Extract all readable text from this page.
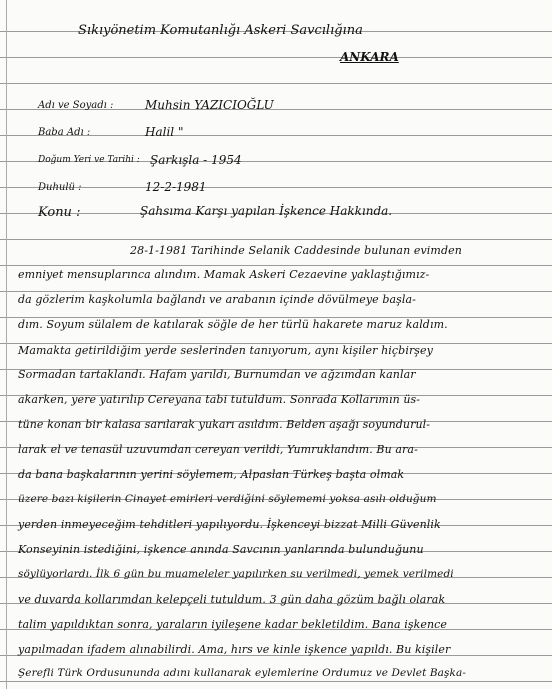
Sıkıyönetim Komutanlığı Askeri Savcılığına
ANKARA
Adı ve Soyadı :	Muhsin YAZICIOĞLU
Baba Adı :	Halil "
Doğum Yeri ve Tarihi : Şarkışla - 1954
Duhulü :	12-2-1981
Konu :	Şahsıma Karşı yapılan İşkence Hakkında.
28-1-1981 Tarihinde Selanik Caddesinde bulunan evimden
emniyet mensuplarınca alındım. Mamak Askeri Cezaevine yaklaştığımız-
da gözlerim kaşkolumla bağlandı ve arabanın içinde dövülmeye başla-
dım. Soyum sülalem de katılarak söğle de her türlü hakarete maruz kaldım.
Mamakta getirildiğim yerde seslerinden tanıyorum, aynı kişiler hiçbirşey
Sormadan tartaklandı. Hafam yarıldı, Burnumdan ve ağzımdan kanlar
akarken, yere yatırılıp Cereyana tabi tutuldum. Sonrada Kollarımın üs-
tüne konan bir kalasa sarılarak yukarı asıldım. Belden aşağı soyundurul-
larak el ve tenasül uzuvumdan cereyan verildi, Yumruklandım. Bu ara-
da bana başkalarının yerini söylemem, Alpaslan Türkeş başta olmak
üzere bazı kişilerin Cinayet emirleri verdiğini söylememi yoksa asılı olduğum
yerden inmeyeceğim tehditleri yapılıyordu. İşkenceyi bizzat Milli Güvenlik
Konseyinin istediğini, işkence anında Savcının yanlarında bulunduğunu
söylüyorlardı. İlk 6 gün bu muameleler yapılırken su verilmedi, yemek verilmedi
ve duvarda kollarımdan kelepçeli tutuldum. 3 gün daha gözüm bağlı olarak
talim yapıldıktan sonra, yaraların iyileşene kadar bekletildim. Bana işkence
yapılmadan ifadem alınabilirdi. Ama, hırs ve kinle işkence yapıldı. Bu kişiler
Şerefli Türk Ordusununda adını kullanarak eylemlerine Ordumuz ve Devlet Başka-
